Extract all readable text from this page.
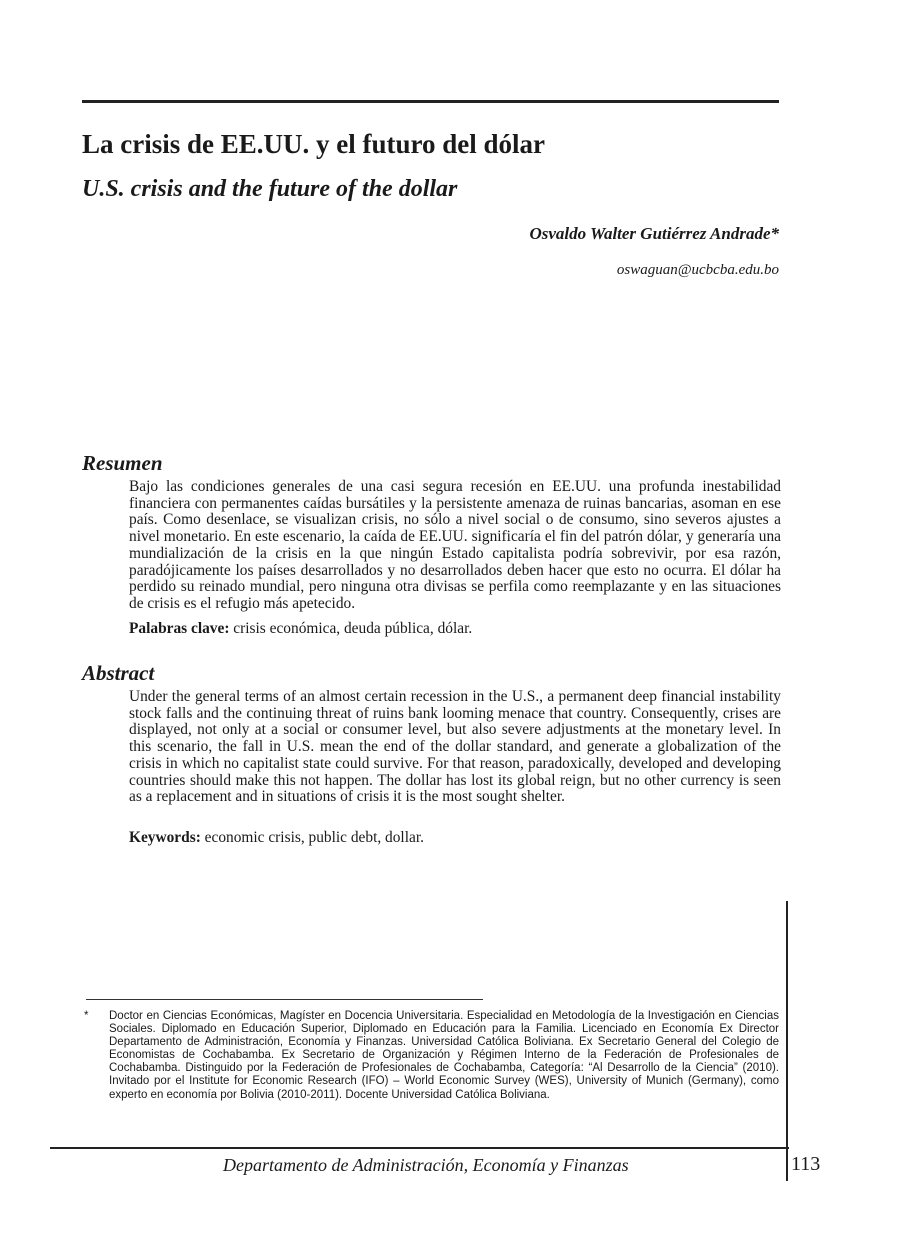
La crisis de EE.UU. y el futuro del dólar
U.S. crisis and the future of the dollar
Osvaldo Walter Gutiérrez Andrade*
oswaguan@ucbcba.edu.bo
Resumen

Bajo las condiciones generales de una casi segura recesión en EE.UU. una profunda inestabilidad financiera con permanentes caídas bursátiles y la persistente amenaza de ruinas bancarias, asoman en ese país. Como desenlace, se visualizan crisis, no sólo a nivel social o de consumo, sino severos ajustes a nivel monetario. En este escenario, la caída de EE.UU. significaría el fin del patrón dólar, y generaría una mundialización de la crisis en la que ningún Estado capitalista podría sobrevivir, por esa razón, paradójicamente los países desarrollados y no desarrollados deben hacer que esto no ocurra. El dólar ha perdido su reinado mundial, pero ninguna otra divisas se perfila como reemplazante y en las situaciones de crisis es el refugio más apetecido.

Palabras clave: crisis económica, deuda pública, dólar.

Abstract

Under the general terms of an almost certain recession in the U.S., a permanent deep financial instability stock falls and the continuing threat of ruins bank looming menace that country. Consequently, crises are displayed, not only at a social or consumer level, but also severe adjustments at the monetary level. In this scenario, the fall in U.S. mean the end of the dollar standard, and generate a globalization of the crisis in which no capitalist state could survive. For that reason, paradoxically, developed and developing countries should make this not happen. The dollar has lost its global reign, but no other currency is seen as a replacement and in situations of crisis it is the most sought shelter.

Keywords: economic crisis, public debt, dollar.

* Doctor en Ciencias Económicas, Magíster en Docencia Universitaria. Especialidad en Metodología de la Investigación en Ciencias Sociales. Diplomado en Educación Superior, Diplomado en Educación para la Familia. Licenciado en Economía Ex Director Departamento de Administración, Economía y Finanzas. Universidad Católica Boliviana. Ex Secretario General del Colegio de Economistas de Cochabamba. Ex Secretario de Organización y Régimen Interno de la Federación de Profesionales de Cochabamba. Distinguido por la Federación de Profesionales de Cochabamba, Categoría: “Al Desarrollo de la Ciencia” (2010). Invitado por el Institute for Economic Research (IFO) – World Economic Survey (WES), University of Munich (Germany), como experto en economía por Bolivia (2010-2011). Docente Universidad Católica Boliviana.

Departamento de Administración, Economía y Finanzas	113
